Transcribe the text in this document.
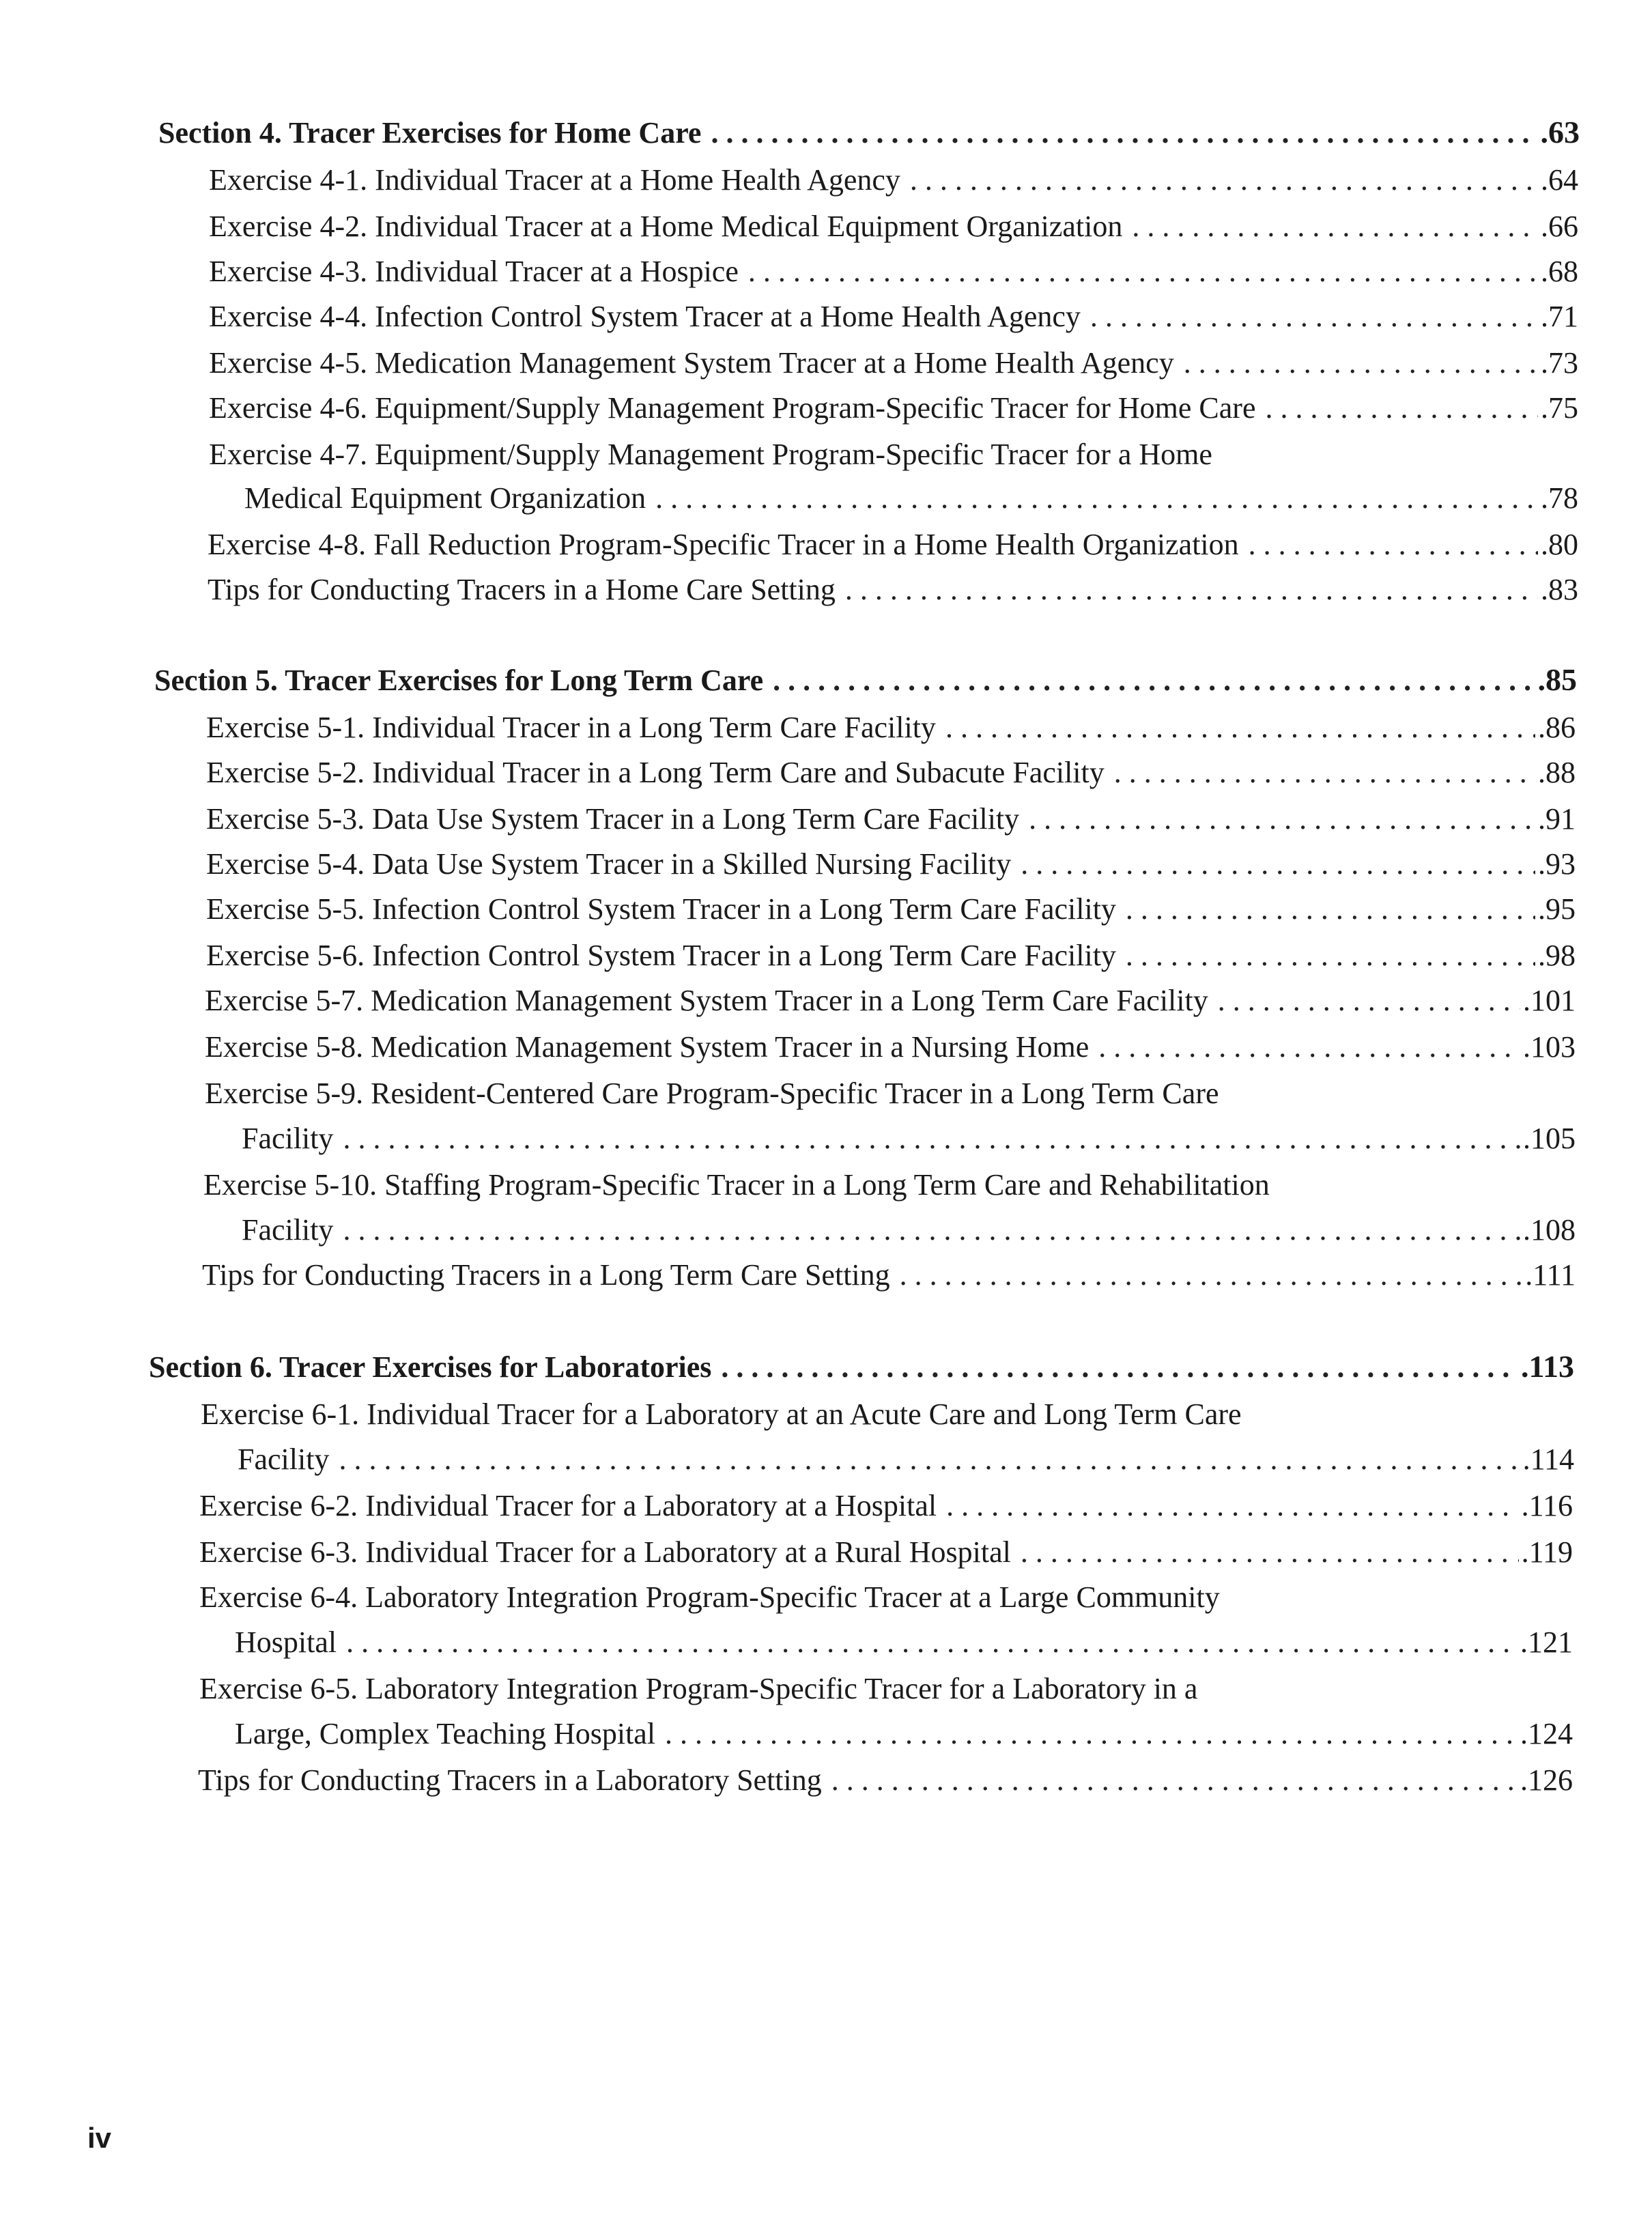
Section 4. Tracer Exercises for Home Care . . .	.63
Exercise 4-1. Individual Tracer at a Home Health Agency . . .	.64
Exercise 4-2. Individual Tracer at a Home Medical Equipment Organization . . .	.66
Exercise 4-3. Individual Tracer at a Hospice . . .	.68
Exercise 4-4. Infection Control System Tracer at a Home Health Agency . . .	.71
Exercise 4-5. Medication Management System Tracer at a Home Health Agency . . .	.73
Exercise 4-6. Equipment/Supply Management Program-Specific Tracer for Home Care . . .	.75
Exercise 4-7. Equipment/Supply Management Program-Specific Tracer for a Home
Medical Equipment Organization . . .	.78
Exercise 4-8. Fall Reduction Program-Specific Tracer in a Home Health Organization . . .	.80
Tips for Conducting Tracers in a Home Care Setting . . .	.83
Section 5. Tracer Exercises for Long Term Care . . .	.85
Exercise 5-1. Individual Tracer in a Long Term Care Facility . . .	.86
Exercise 5-2. Individual Tracer in a Long Term Care and Subacute Facility . . .	.88
Exercise 5-3. Data Use System Tracer in a Long Term Care Facility . . .	.91
Exercise 5-4. Data Use System Tracer in a Skilled Nursing Facility . . .	.93
Exercise 5-5. Infection Control System Tracer in a Long Term Care Facility . . .	.95
Exercise 5-6. Infection Control System Tracer in a Long Term Care Facility . . .	.98
Exercise 5-7. Medication Management System Tracer in a Long Term Care Facility . . .	.101
Exercise 5-8. Medication Management System Tracer in a Nursing Home . . .	.103
Exercise 5-9. Resident-Centered Care Program-Specific Tracer in a Long Term Care
Facility . . .	.105
Exercise 5-10. Staffing Program-Specific Tracer in a Long Term Care and Rehabilitation
Facility . . .	.108
Tips for Conducting Tracers in a Long Term Care Setting . . .	.111
Section 6. Tracer Exercises for Laboratories . . .	.113
Exercise 6-1. Individual Tracer for a Laboratory at an Acute Care and Long Term Care
Facility . . .	.114
Exercise 6-2. Individual Tracer for a Laboratory at a Hospital . . .	.116
Exercise 6-3. Individual Tracer for a Laboratory at a Rural Hospital . . .	.119
Exercise 6-4. Laboratory Integration Program-Specific Tracer at a Large Community
Hospital . . .	.121
Exercise 6-5. Laboratory Integration Program-Specific Tracer for a Laboratory in a
Large, Complex Teaching Hospital . . .	.124
Tips for Conducting Tracers in a Laboratory Setting . . .	.126
iv
